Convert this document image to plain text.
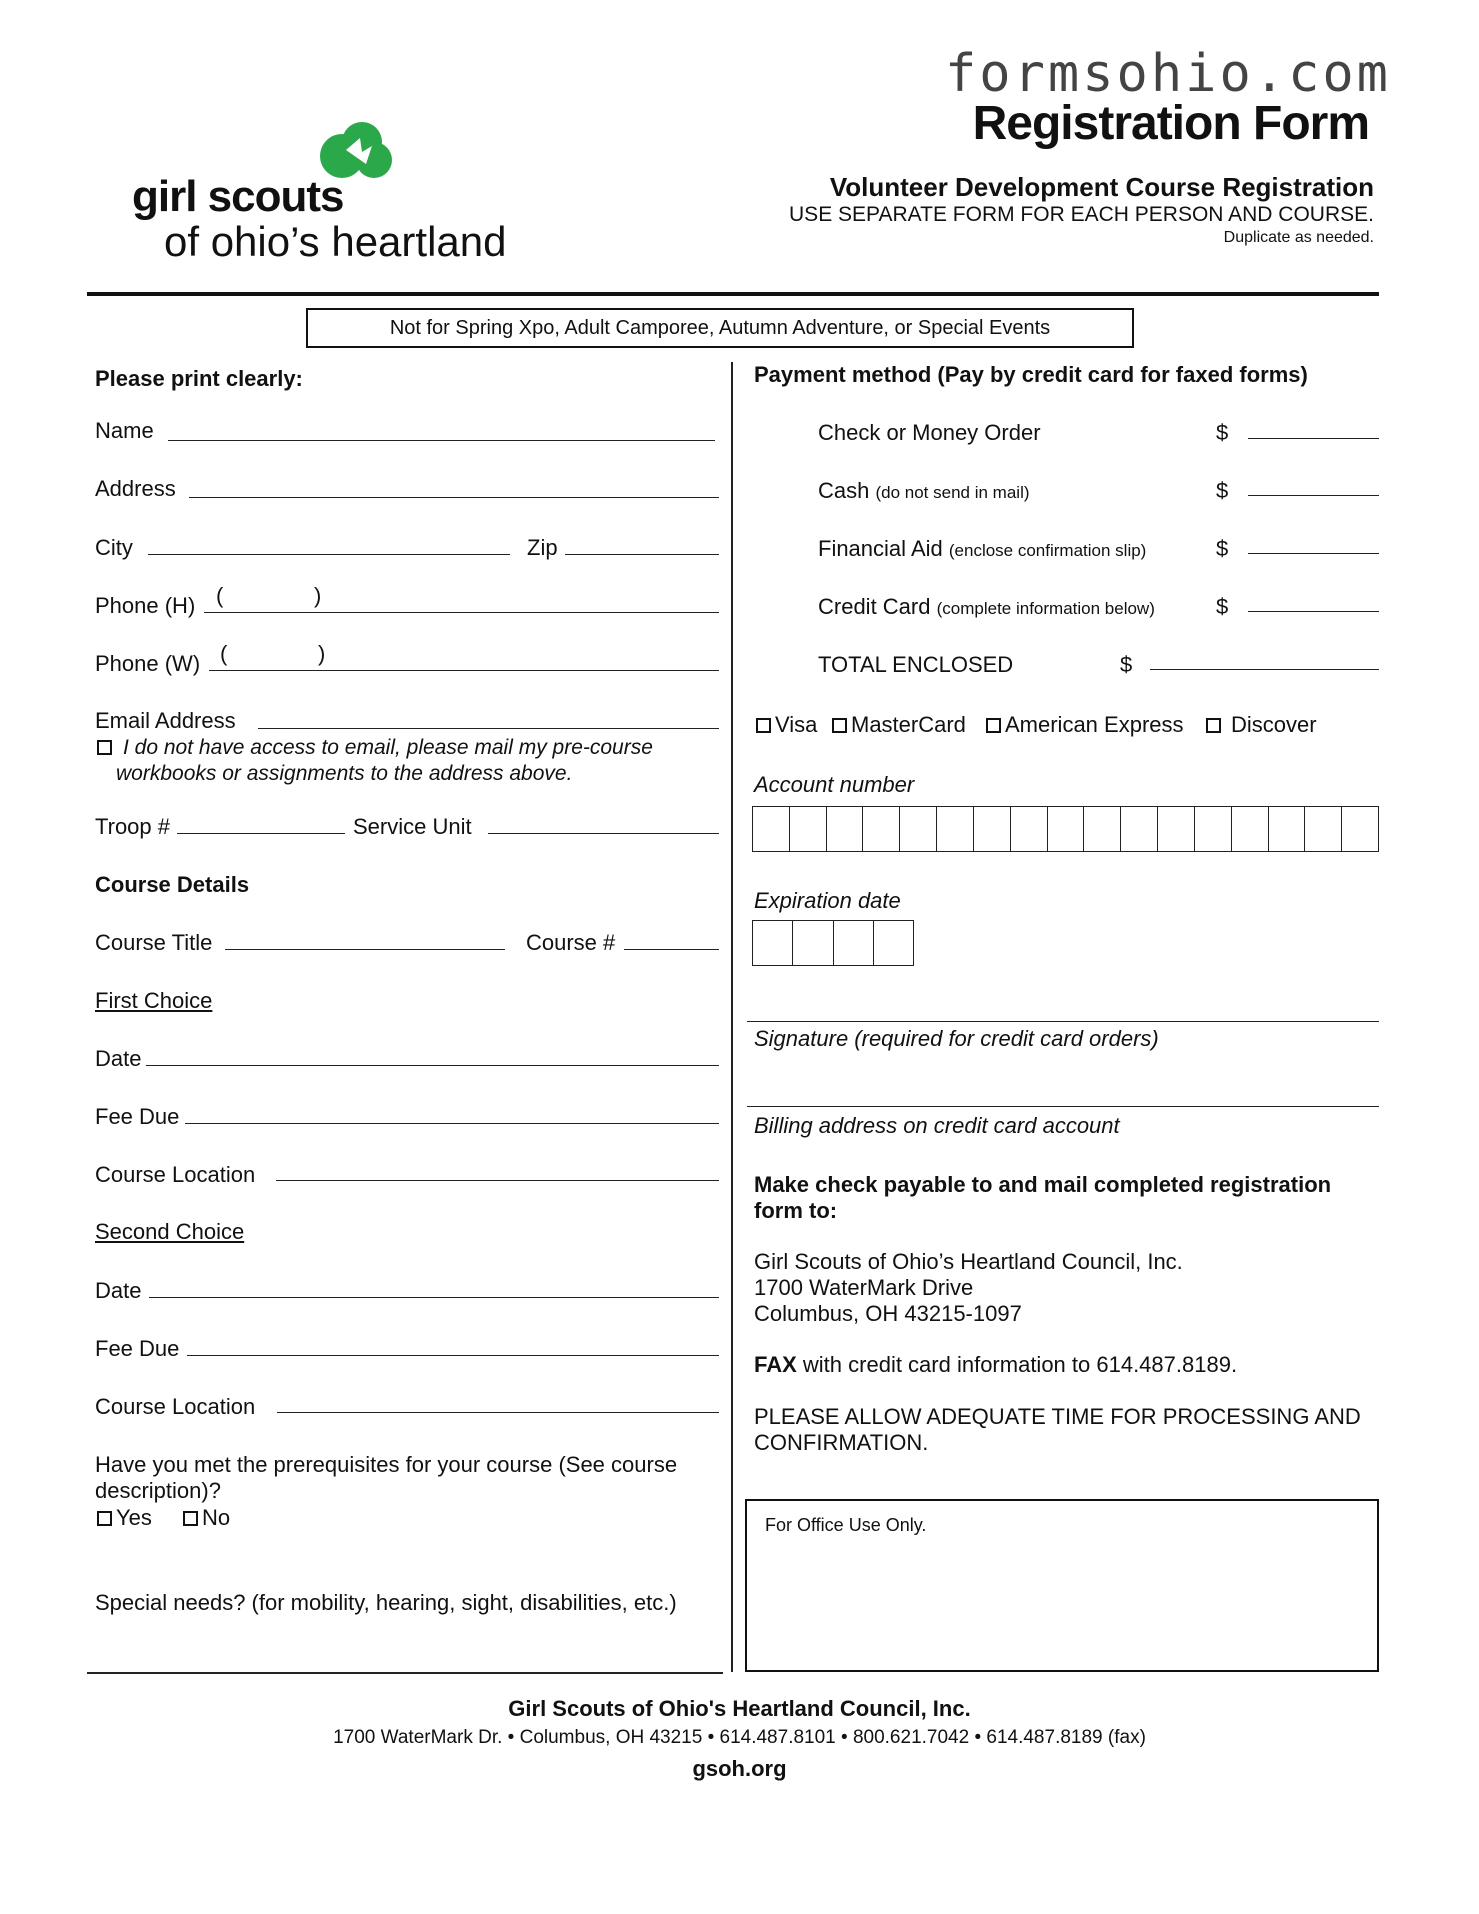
formsohio.com
Registration Form
Volunteer Development Course Registration
USE SEPARATE FORM FOR EACH PERSON AND COURSE.
Duplicate as needed.
girl scouts
of ohio’s heartland
Not for Spring Xpo, Adult Camporee, Autumn Adventure, or Special Events
Please print clearly:
Name
Address
City	Zip
Phone (H) (	)
Phone (W) (	)
Email Address
I do not have access to email, please mail my pre-course
workbooks or assignments to the address above.
Troop #	Service Unit
Course Details
Course Title	Course #
First Choice
Date
Fee Due
Course Location
Second Choice
Date
Fee Due
Course Location
Have you met the prerequisites for your course (See course
description)?
Yes	No
Special needs? (for mobility, hearing, sight, disabilities, etc.)
Payment method (Pay by credit card for faxed forms)
Check or Money Order	$
Cash (do not send in mail)	$
Financial Aid (enclose confirmation slip)	$
Credit Card (complete information below)	$
TOTAL ENCLOSED	$
Visa	MasterCard	American Express	Discover
Account number
Expiration date
Signature (required for credit card orders)
Billing address on credit card account
Make check payable to and mail completed registration
form to:
Girl Scouts of Ohio’s Heartland Council, Inc.
1700 WaterMark Drive
Columbus, OH 43215-1097
FAX with credit card information to 614.487.8189.
PLEASE ALLOW ADEQUATE TIME FOR PROCESSING AND
CONFIRMATION.
For Office Use Only.
Girl Scouts of Ohio's Heartland Council, Inc.
1700 WaterMark Dr. • Columbus, OH 43215 • 614.487.8101 • 800.621.7042 • 614.487.8189 (fax)
gsoh.org
